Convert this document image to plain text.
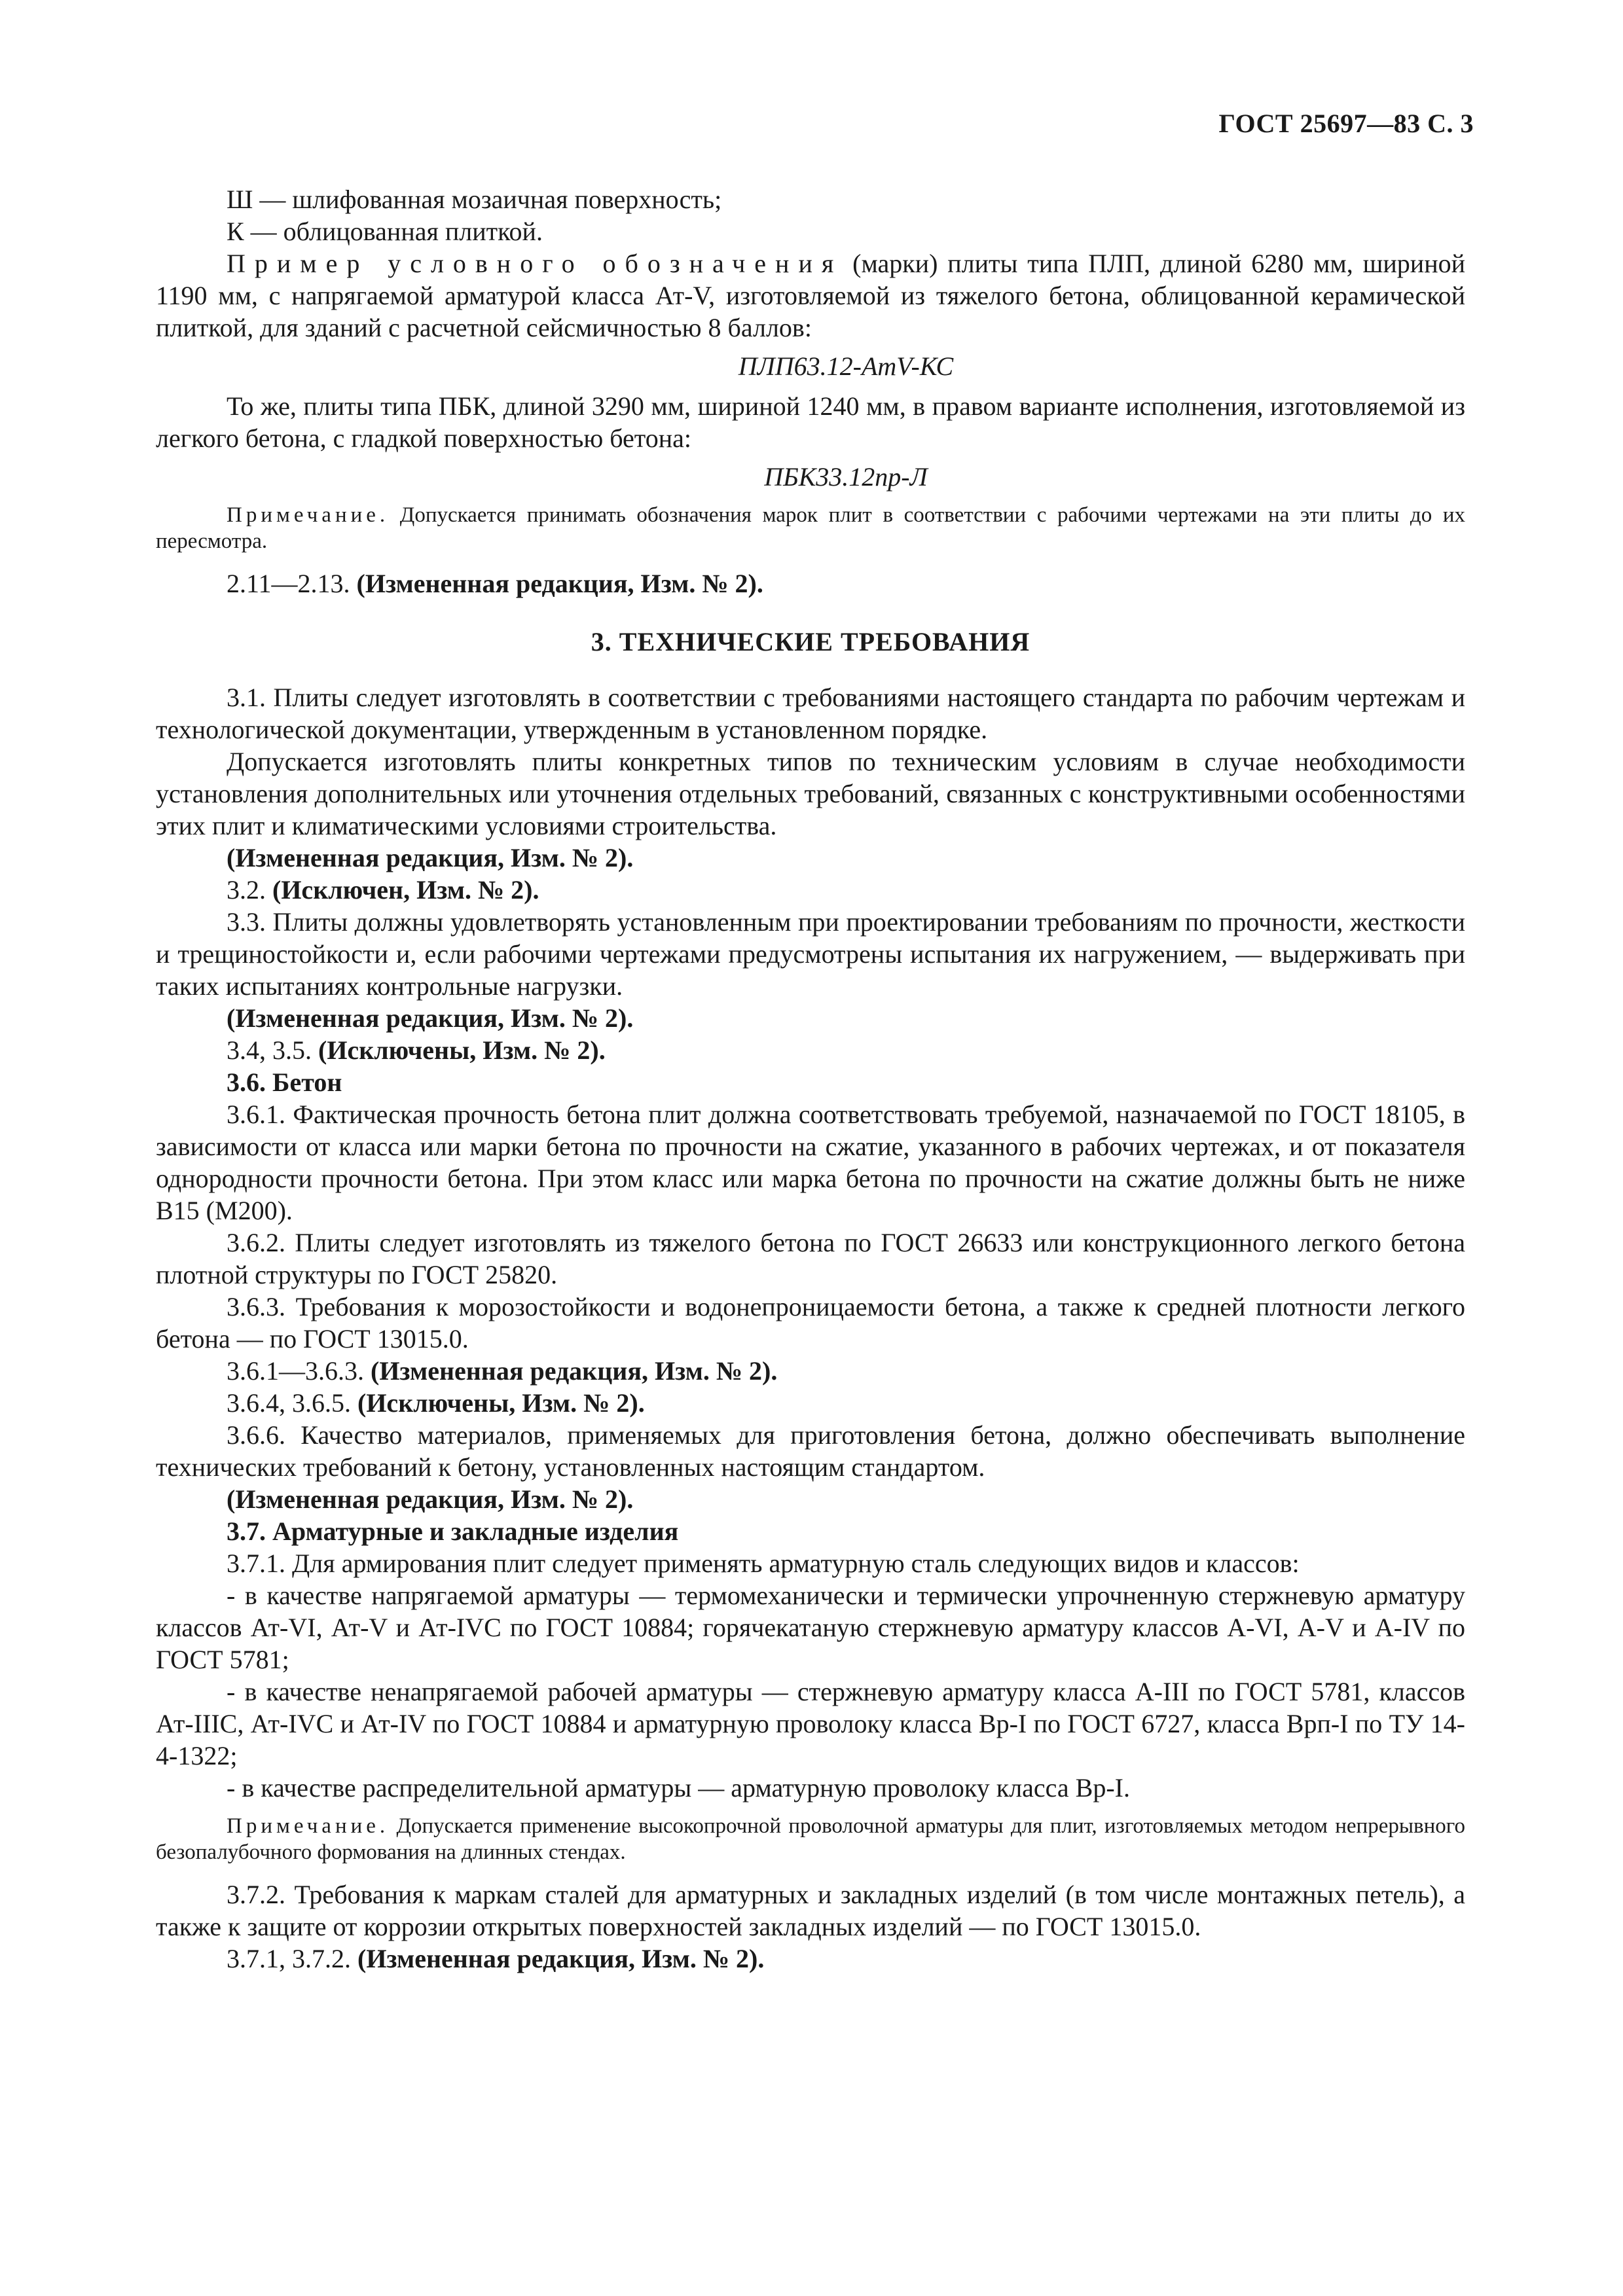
ГОСТ 25697—83 С. 3

Ш — шлифованная мозаичная поверхность;

К — облицованная плиткой.

Пример условного обозначения (марки) плиты типа ПЛП, длиной 6280 мм, шириной 1190 мм, с напрягаемой арматурой класса Ат-V, изготовляемой из тяжелого бетона, облицованной керамической плиткой, для зданий с расчетной сейсмичностью 8 баллов:

ПЛП63.12-АтV-КС

То же, плиты типа ПБК, длиной 3290 мм, шириной 1240 мм, в правом варианте исполнения, изготовляемой из легкого бетона, с гладкой поверхностью бетона:

ПБК33.12пр-Л

Примечание. Допускается принимать обозначения марок плит в соответствии с рабочими чертежами на эти плиты до их пересмотра.

2.11—2.13. (Измененная редакция, Изм. № 2).

3. ТЕХНИЧЕСКИЕ ТРЕБОВАНИЯ

3.1. Плиты следует изготовлять в соответствии с требованиями настоящего стандарта по рабочим чертежам и технологической документации, утвержденным в установленном порядке.

Допускается изготовлять плиты конкретных типов по техническим условиям в случае необходимости установления дополнительных или уточнения отдельных требований, связанных с конструктивными особенностями этих плит и климатическими условиями строительства.

(Измененная редакция, Изм. № 2).

3.2. (Исключен, Изм. № 2).

3.3. Плиты должны удовлетворять установленным при проектировании требованиям по прочности, жесткости и трещиностойкости и, если рабочими чертежами предусмотрены испытания их нагружением, — выдерживать при таких испытаниях контрольные нагрузки.

(Измененная редакция, Изм. № 2).

3.4, 3.5. (Исключены, Изм. № 2).

3.6. Бетон

3.6.1. Фактическая прочность бетона плит должна соответствовать требуемой, назначаемой по ГОСТ 18105, в зависимости от класса или марки бетона по прочности на сжатие, указанного в рабочих чертежах, и от показателя однородности прочности бетона. При этом класс или марка бетона по прочности на сжатие должны быть не ниже В15 (М200).

3.6.2. Плиты следует изготовлять из тяжелого бетона по ГОСТ 26633 или конструкционного легкого бетона плотной структуры по ГОСТ 25820.

3.6.3. Требования к морозостойкости и водонепроницаемости бетона, а также к средней плотности легкого бетона — по ГОСТ 13015.0.

3.6.1—3.6.3. (Измененная редакция, Изм. № 2).

3.6.4, 3.6.5. (Исключены, Изм. № 2).

3.6.6. Качество материалов, применяемых для приготовления бетона, должно обеспечивать выполнение технических требований к бетону, установленных настоящим стандартом.

(Измененная редакция, Изм. № 2).

3.7. Арматурные и закладные изделия

3.7.1. Для армирования плит следует применять арматурную сталь следующих видов и классов:

- в качестве напрягаемой арматуры — термомеханически и термически упрочненную стержневую арматуру классов Ат-VI, Ат-V и Ат-IVC по ГОСТ 10884; горячекатаную стержневую арматуру классов А-VI, А-V и А-IV по ГОСТ 5781;

- в качестве ненапрягаемой рабочей арматуры — стержневую арматуру класса А-III по ГОСТ 5781, классов Ат-IIIC, Ат-IVC и Ат-IV по ГОСТ 10884 и арматурную проволоку класса Вр-I по ГОСТ 6727, класса Врп-I по ТУ 14-4-1322;

- в качестве распределительной арматуры — арматурную проволоку класса Вр-I.

Примечание. Допускается применение высокопрочной проволочной арматуры для плит, изготовляемых методом непрерывного безопалубочного формования на длинных стендах.

3.7.2. Требования к маркам сталей для арматурных и закладных изделий (в том числе монтажных петель), а также к защите от коррозии открытых поверхностей закладных изделий — по ГОСТ 13015.0.

3.7.1, 3.7.2. (Измененная редакция, Изм. № 2).
